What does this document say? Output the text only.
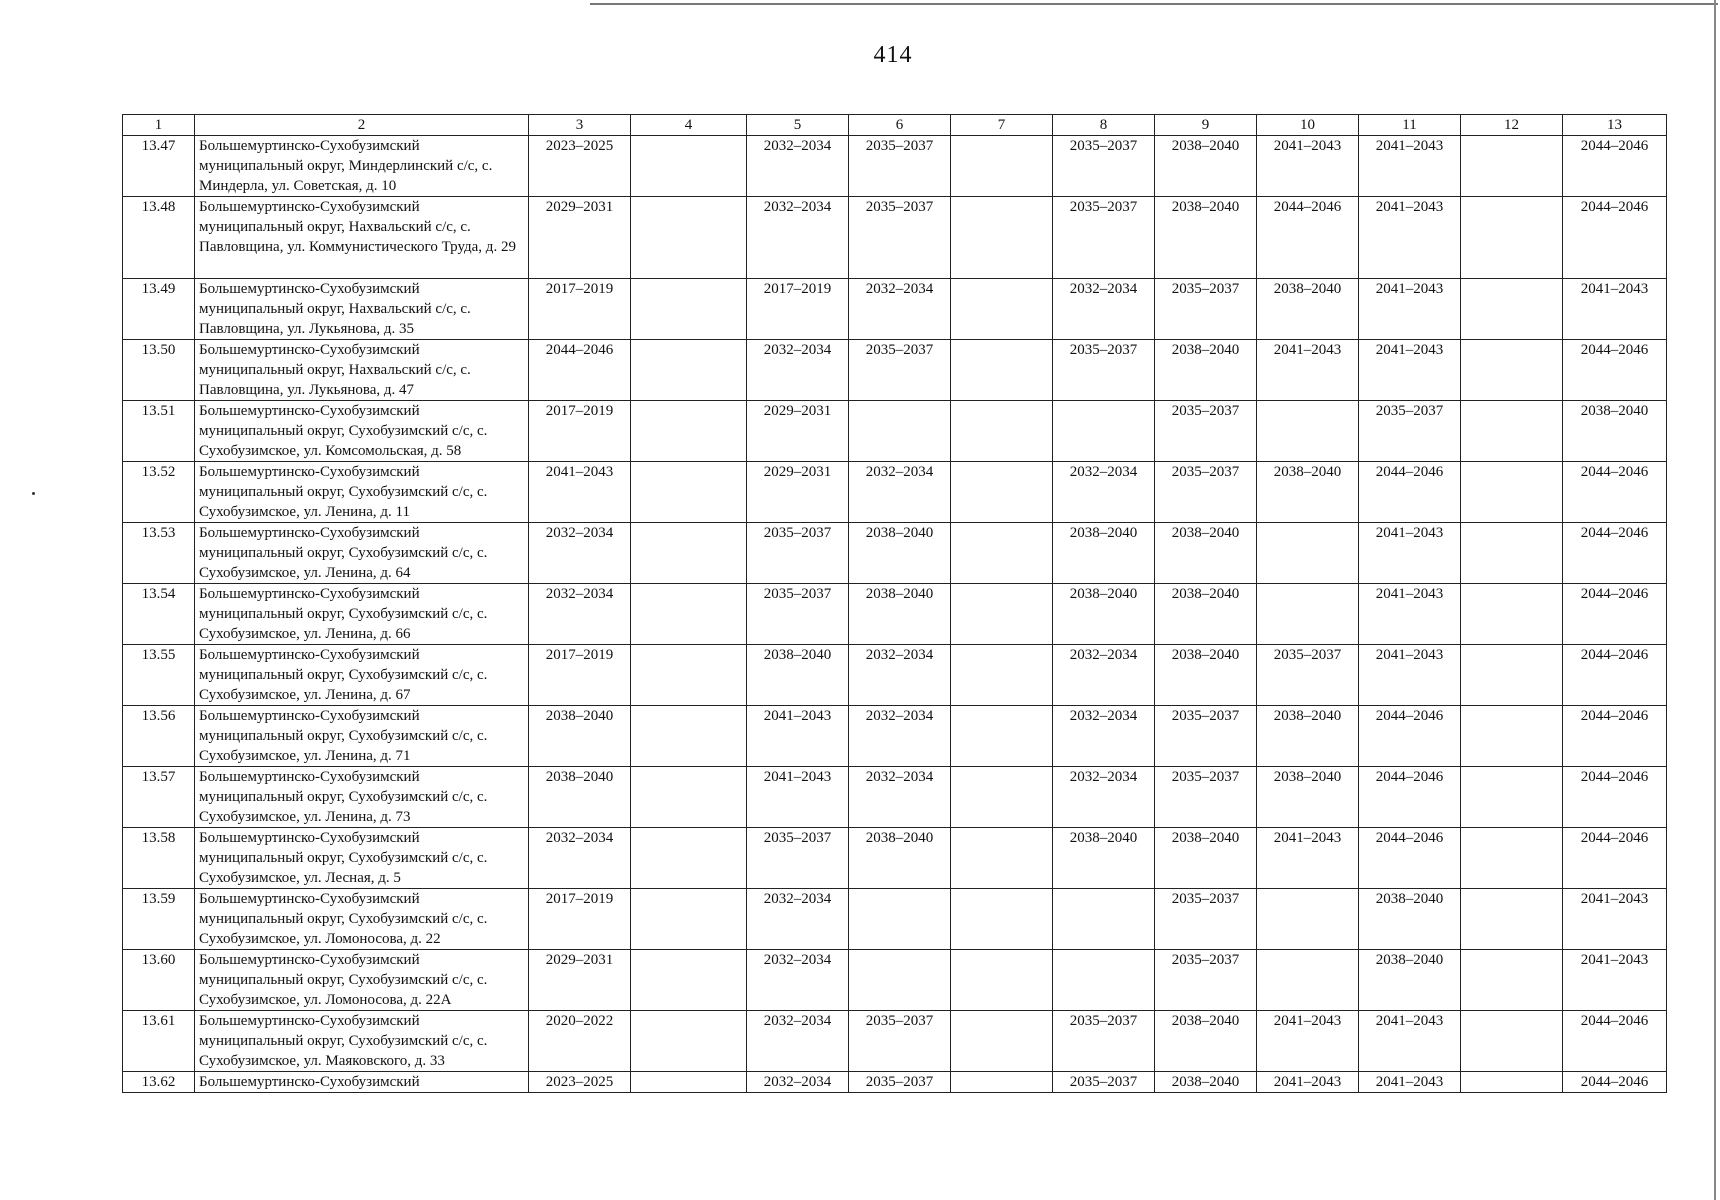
414
1	2	3	4	5	6	7	8	9	10	11	12	13
13.47	Большемуртинско-Сухобузимский муниципальный округ, Миндерлинский с/с, с. Миндерла, ул. Советская, д. 10	2023–2025		2032–2034	2035–2037		2035–2037	2038–2040	2041–2043	2041–2043		2044–2046
13.48	Большемуртинско-Сухобузимский муниципальный округ, Нахвальский с/с, с. Павловщина, ул. Коммунистического Труда, д. 29	2029–2031		2032–2034	2035–2037		2035–2037	2038–2040	2044–2046	2041–2043		2044–2046
13.49	Большемуртинско-Сухобузимский муниципальный округ, Нахвальский с/с, с. Павловщина, ул. Лукьянова, д. 35	2017–2019		2017–2019	2032–2034		2032–2034	2035–2037	2038–2040	2041–2043		2041–2043
13.50	Большемуртинско-Сухобузимский муниципальный округ, Нахвальский с/с, с. Павловщина, ул. Лукьянова, д. 47	2044–2046		2032–2034	2035–2037		2035–2037	2038–2040	2041–2043	2041–2043		2044–2046
13.51	Большемуртинско-Сухобузимский муниципальный округ, Сухобузимский с/с, с. Сухобузимское, ул. Комсомольская, д. 58	2017–2019		2029–2031				2035–2037		2035–2037		2038–2040
13.52	Большемуртинско-Сухобузимский муниципальный округ, Сухобузимский с/с, с. Сухобузимское, ул. Ленина, д. 11	2041–2043		2029–2031	2032–2034		2032–2034	2035–2037	2038–2040	2044–2046		2044–2046
13.53	Большемуртинско-Сухобузимский муниципальный округ, Сухобузимский с/с, с. Сухобузимское, ул. Ленина, д. 64	2032–2034		2035–2037	2038–2040		2038–2040	2038–2040		2041–2043		2044–2046
13.54	Большемуртинско-Сухобузимский муниципальный округ, Сухобузимский с/с, с. Сухобузимское, ул. Ленина, д. 66	2032–2034		2035–2037	2038–2040		2038–2040	2038–2040		2041–2043		2044–2046
13.55	Большемуртинско-Сухобузимский муниципальный округ, Сухобузимский с/с, с. Сухобузимское, ул. Ленина, д. 67	2017–2019		2038–2040	2032–2034		2032–2034	2038–2040	2035–2037	2041–2043		2044–2046
13.56	Большемуртинско-Сухобузимский муниципальный округ, Сухобузимский с/с, с. Сухобузимское, ул. Ленина, д. 71	2038–2040		2041–2043	2032–2034		2032–2034	2035–2037	2038–2040	2044–2046		2044–2046
13.57	Большемуртинско-Сухобузимский муниципальный округ, Сухобузимский с/с, с. Сухобузимское, ул. Ленина, д. 73	2038–2040		2041–2043	2032–2034		2032–2034	2035–2037	2038–2040	2044–2046		2044–2046
13.58	Большемуртинско-Сухобузимский муниципальный округ, Сухобузимский с/с, с. Сухобузимское, ул. Лесная, д. 5	2032–2034		2035–2037	2038–2040		2038–2040	2038–2040	2041–2043	2044–2046		2044–2046
13.59	Большемуртинско-Сухобузимский муниципальный округ, Сухобузимский с/с, с. Сухобузимское, ул. Ломоносова, д. 22	2017–2019		2032–2034				2035–2037		2038–2040		2041–2043
13.60	Большемуртинско-Сухобузимский муниципальный округ, Сухобузимский с/с, с. Сухобузимское, ул. Ломоносова, д. 22А	2029–2031		2032–2034				2035–2037		2038–2040		2041–2043
13.61	Большемуртинско-Сухобузимский муниципальный округ, Сухобузимский с/с, с. Сухобузимское, ул. Маяковского, д. 33	2020–2022		2032–2034	2035–2037		2035–2037	2038–2040	2041–2043	2041–2043		2044–2046
13.62	Большемуртинско-Сухобузимский	2023–2025		2032–2034	2035–2037		2035–2037	2038–2040	2041–2043	2041–2043		2044–2046
